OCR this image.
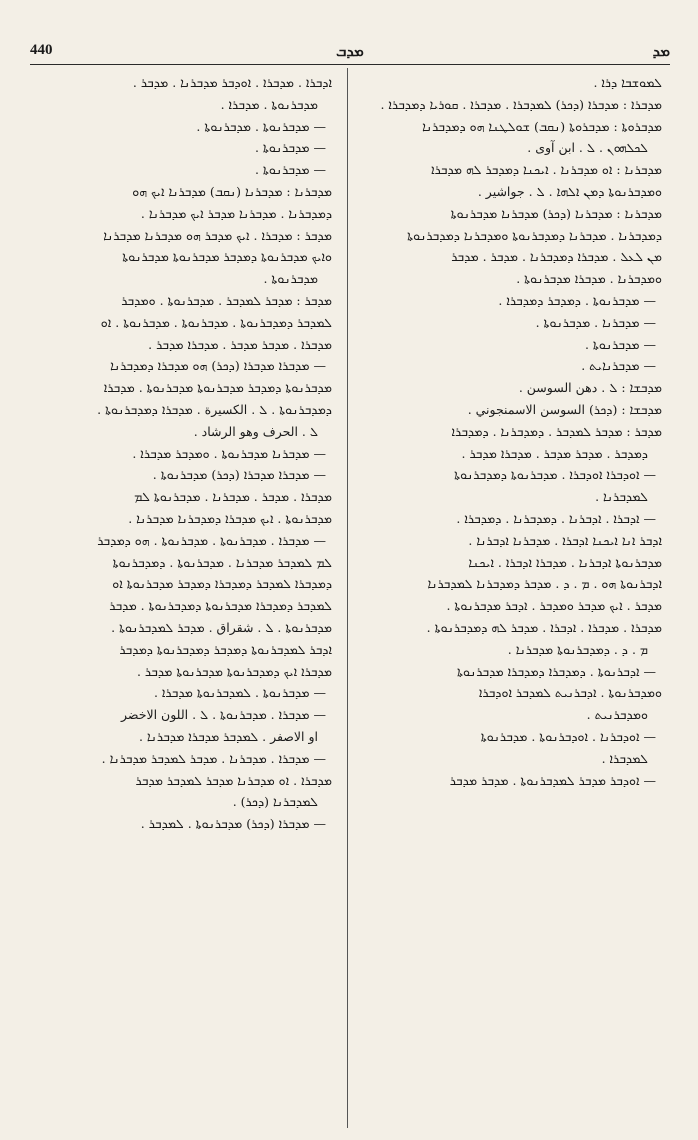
440	ܡܕܒ	ܡܕ
ܠܡܘܫܒܐ ܕܪܐ .
ܡܕܒܪܐ : ܡܕܒܪܐ (ܕܟܪ) ܠܡܕܒܪܐ . ܡܕܒܪܐ . ܩܘܪܝܐ ܕܡܕܒܪܐ .
ܡܕܒܪܘܬܐ : ܡܕܒܪܘܬܐ (ܢܩܒ) ܫܘܠܛܢܐ ܗܘ ܕܡܕܒܪܢܐ
ܠܟܠܗܘܢ . ܠ . ابن آوى .
ܡܕܒܪܢܐ : ܐܘ ܡܕܒܪܢܐ . ܐܝܟܢܐ ܕܡܕܒܪ ܠܗ ܡܕܒܪܐ
ܘܡܕܒܪܢܘܬܐ ܕܡܢ ܐܠܗܐ . ܠ . جواشير .
ܡܕܒܪܢܐ : ܡܕܒܪܢܐ (ܕܟܪ) ܡܕܒܪܢܐ ܡܕܒܪܢܘܬܐ
ܕܡܕܒܪܢܐ . ܡܕܒܪܢܐ ܕܡܕܒܪܢܘܬܐ ܘܡܕܒܪܢܐ ܕܡܕܒܪܢܘܬܐ
ܡܢ ܠܥܠ . ܡܕܒܪܐ ܕܡܕܒܪܢܐ . ܡܕܒܪ . ܡܕܒܪ
ܘܡܕܒܪܢܐ . ܡܕܒܪܐ ܡܕܒܪܢܘܬܐ .
— ܡܕܒܪܢܘܬܐ . ܕܡܕܒܪ ܕܡܕܒܪܐ .
— ܡܕܒܪܢܐ . ܡܕܒܪܢܘܬܐ .
— ܡܕܒܪܢܘܬܐ .
— ܡܕܒܪܢܐܝܬ .
ܡܕܒܫܐ : ܠ . دهن السوسن .
ܡܕܒܫܐ : (ܕܟܪ) السوسن الاسمنجوني .
ܡܕܒܪ : ܡܕܒܪ ܠܡܕܒܪ . ܕܡܕܒܪܢܐ . ܕܡܕܒܪܐ
ܕܡܕܒܪ . ܡܕܒܪ ܡܕܒܪ . ܡܕܒܪܐ ܡܕܒܪ .
— ܐܘܕܒܪܐ ܐܘܕܒܪܐ . ܡܕܒܪܢܘܬܐ ܕܡܕܒܪܢܘܬܐ
ܠܡܕܒܪܢܐ .
— ܐܕܒܪܐ . ܐܕܒܪܢܐ . ܕܡܕܒܪܢܐ . ܕܡܕܒܪܐ .
ܐܕܒܪ ܐܢܐ ܐܝܟܢܐ ܐܕܒܪܐ . ܡܕܒܪܢܐ ܐܕܒܪܢܐ .
ܡܕܒܪܢܘܬܐ ܐܕܒܪܢܐ . ܡܕܒܪܐ ܐܕܒܪܐ . ܐܝܟܢܐ
ܐܕܒܪܢܘܬܐ ܗܘ . ܡ . ܕ . ܡܕܒܪ ܕܡܕܒܪܢܐ ܠܡܕܒܪܢܐ
ܡܕܒܪ . ܐܝܟ ܡܕܒܪ ܘܡܕܒܪ . ܐܕܒܪ ܡܕܒܪܢܘܬܐ .
ܡܕܒܪܐ . ܡܕܒܪܐ . ܐܕܒܪܐ . ܡܕܒܪ ܠܗ ܕܡܕܒܪܢܘܬܐ .
ܡ . ܕ . ܕܡܕܒܪܢܘܬܐ ܡܕܒܪܢܐ .
— ܐܕܒܪܢܘܬܐ . ܕܡܕܒܪܐ ܕܡܕܒܪܐ ܡܕܒܪܢܘܬܐ
ܘܡܕܒܪܢܘܬܐ . ܐܕܒܪܢܝܬ ܠܡܕܒܪ ܐܘܕܒܪܐ
ܘܡܕܒܪܢܝܬ .
— ܐܘܕܒܪܢܐ . ܐܘܕܒܪܢܘܬܐ . ܡܕܒܪܢܘܬܐ
ܠܡܕܒܪܐ .
— ܐܘܕܒܪ ܡܕܒܪ ܠܡܕܒܪܢܘܬܐ . ܡܕܒܪ ܡܕܒܪ
ܐܕܒܪܐ . ܡܕܒܪܐ . ܐܘܕܒܪ ܡܕܒܪܢܐ . ܡܕܒܪ .
ܡܕܒܪܢܘܬܐ . ܡܕܒܪܐ .
— ܡܕܒܪܢܘܬܐ . ܡܕܒܪܢܘܬܐ .
— ܡܕܒܪܢܘܬܐ .
— ܡܕܒܪܢܘܬܐ .
ܡܕܒܪܢܐ : ܡܕܒܪܢܐ (ܢܩܒ) ܡܕܒܪܢܐ ܐܝܟ ܗܘ
ܕܡܕܒܪܢܐ . ܡܕܒܪܢܐ ܡܕܒܪ ܐܝܟ ܡܕܒܪܢܐ .
ܡܕܒܪ : ܡܕܒܪܐ . ܐܝܟ ܡܕܒܪ ܗܘ ܡܕܒܪܢܐ ܡܕܒܪܢܐ
ܘܐܝܟ ܡܕܒܪܢܘܬܐ ܕܡܕܒܪ ܡܕܒܪܢܘܬܐ ܡܕܒܪܢܘܬܐ
ܡܕܒܪܢܘܬܐ .
ܡܕܒܪ : ܡܕܒܪ ܠܡܕܒܪ . ܡܕܒܪܢܘܬܐ . ܘܡܕܒܪ
ܠܡܕܒܪ ܕܡܕܒܪܢܘܬܐ . ܡܕܒܪܢܘܬܐ . ܡܕܒܪܢܘܬܐ . ܐܘ
ܡܕܒܪܐ . ܡܕܒܪ ܡܕܒܪ . ܡܕܒܪܐ ܡܕܒܪ .
— ܡܕܒܪܐ ܡܕܒܪܐ (ܕܟܪ) ܗܘ ܡܕܒܪܐ ܕܡܕܒܪܢܐ
ܡܕܒܪܢܘܬܐ ܕܡܕܒܪ ܡܕܒܪܢܘܬܐ ܡܕܒܪܢܘܬܐ . ܡܕܒܪܐ
ܕܡܕܒܪܢܘܬܐ . ܠ . الكسيرة . ܡܕܒܪܐ ܕܡܕܒܪܢܘܬܐ .
ܠ . الحرف وهو الرشاد .
— ܡܕܒܪܢܐ ܡܕܒܪܢܘܬܐ . ܘܡܕܒܪ ܡܕܒܪܐ .
— ܡܕܒܪܐ ܡܕܒܪܐ (ܕܟܪ) ܡܕܒܪܢܘܬܐ .
ܡܕܒܪܐ . ܡܕܒܪ . ܡܕܒܪܢܐ . ܡܕܒܪܢܘܬܐ ܠܡ
ܡܕܒܪܢܘܬܐ . ܐܝܟ ܡܕܒܪܐ ܕܡܕܒܪܢܐ ܡܕܒܪܢܐ .
— ܡܕܒܪܐ . ܡܕܒܪܢܘܬܐ . ܡܕܒܪܢܘܬܐ . ܗܘ ܕܡܕܒܪ
ܠܡ ܠܡܕܒܪ ܡܕܒܪܢܐ . ܡܕܒܪܢܘܬܐ . ܕܡܕܒܪܢܘܬܐ
ܕܡܕܒܪܐ ܠܡܕܒܪ ܕܡܕܒܪܐ ܕܡܕܒܪ ܡܕܒܪܢܘܬܐ ܐܘ
ܠܡܕܒܪ ܕܡܕܒܪܐ ܡܕܒܪܢܘܬܐ ܕܡܕܒܪܢܘܬܐ . ܡܕܒܪ
ܡܕܒܪܢܘܬܐ . ܠ . شقراق . ܡܕܒܪ ܠܡܕܒܪܢܘܬܐ .
ܐܕܒܪ ܠܡܕܒܪܢܘܬܐ ܕܡܕܒܪ ܕܡܕܒܪܢܘܬܐ ܕܡܕܒܪ
ܡܕܒܪܐ ܐܝܟ ܕܡܕܒܪܢܘܬܐ ܡܕܒܪܢܘܬܐ ܡܕܒܪ .
— ܡܕܒܪܢܘܬܐ . ܠܡܕܒܪܢܘܬܐ ܡܕܒܪܐ .
— ܡܕܒܪܐ . ܡܕܒܪܢܘܬܐ . ܠ . اللون الاخضر
او الاصفر . ܠܡܕܒܪ ܡܕܒܪܐ ܡܕܒܪܢܐ .
— ܡܕܒܪܐ . ܡܕܒܪܢܐ . ܡܕܒܪ ܠܡܕܒܪ ܡܕܒܪܢܐ .
ܡܕܒܪܐ . ܐܘ ܡܕܒܪܢܐ ܡܕܒܪ ܠܡܕܒܪ ܡܕܒܪ
ܠܡܕܒܪܢܐ (ܕܟܪ) .
— ܡܕܒܪܐ (ܕܟܪ) ܡܕܒܪܢܘܬܐ . ܠܡܕܒܪ .
